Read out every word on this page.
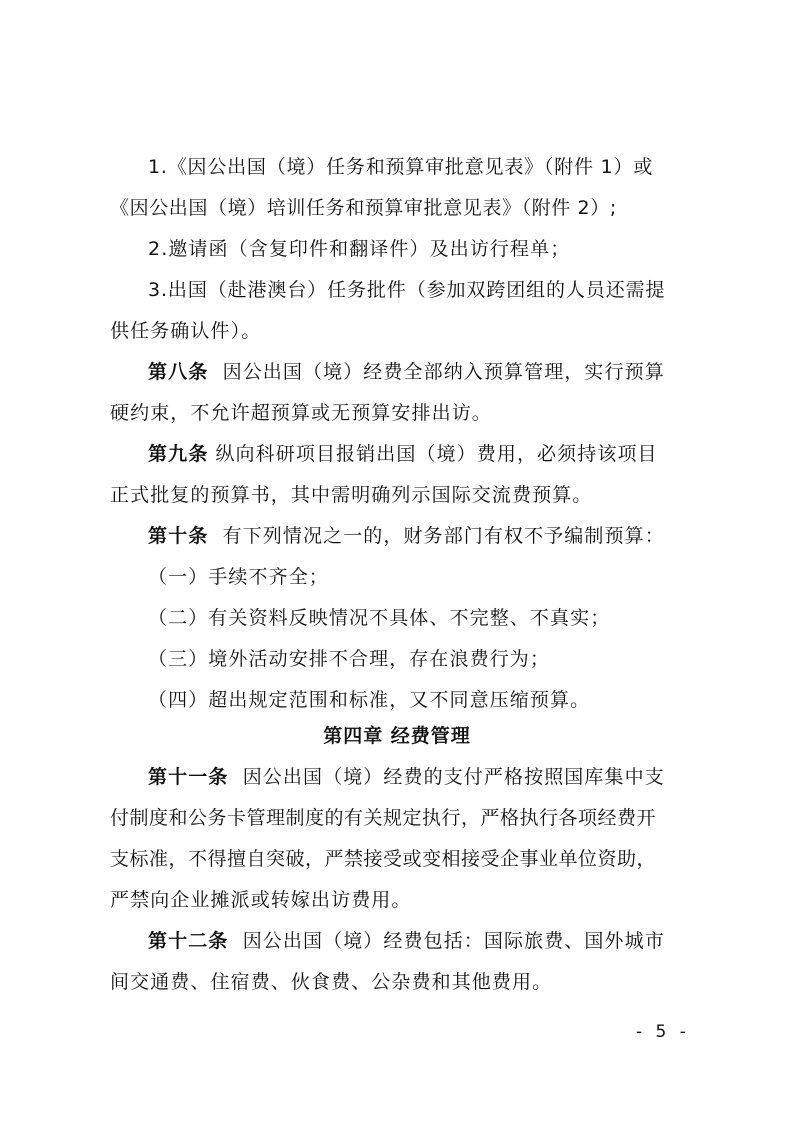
1.《因公出国（境）任务和预算审批意见表》（附件 1）或
《因公出国（境）培训任务和预算审批意见表》（附件 2）;
2.邀请函（含复印件和翻译件）及出访行程单；
3.出国（赴港澳台）任务批件（参加双跨团组的人员还需提
供任务确认件）。
第八条 因公出国（境）经费全部纳入预算管理，实行预算
硬约束，不允许超预算或无预算安排出访。
第九条 纵向科研项目报销出国（境）费用，必须持该项目
正式批复的预算书，其中需明确列示国际交流费预算。
第十条 有下列情况之一的，财务部门有权不予编制预算：
（一）手续不齐全；
（二）有关资料反映情况不具体、不完整、不真实；
（三）境外活动安排不合理，存在浪费行为；
（四）超出规定范围和标准，又不同意压缩预算。
第四章 经费管理
第十一条 因公出国（境）经费的支付严格按照国库集中支
付制度和公务卡管理制度的有关规定执行，严格执行各项经费开
支标准，不得擅自突破，严禁接受或变相接受企事业单位资助，
严禁向企业摊派或转嫁出访费用。
第十二条 因公出国（境）经费包括：国际旅费、国外城市
间交通费、住宿费、伙食费、公杂费和其他费用。
- 5 -
